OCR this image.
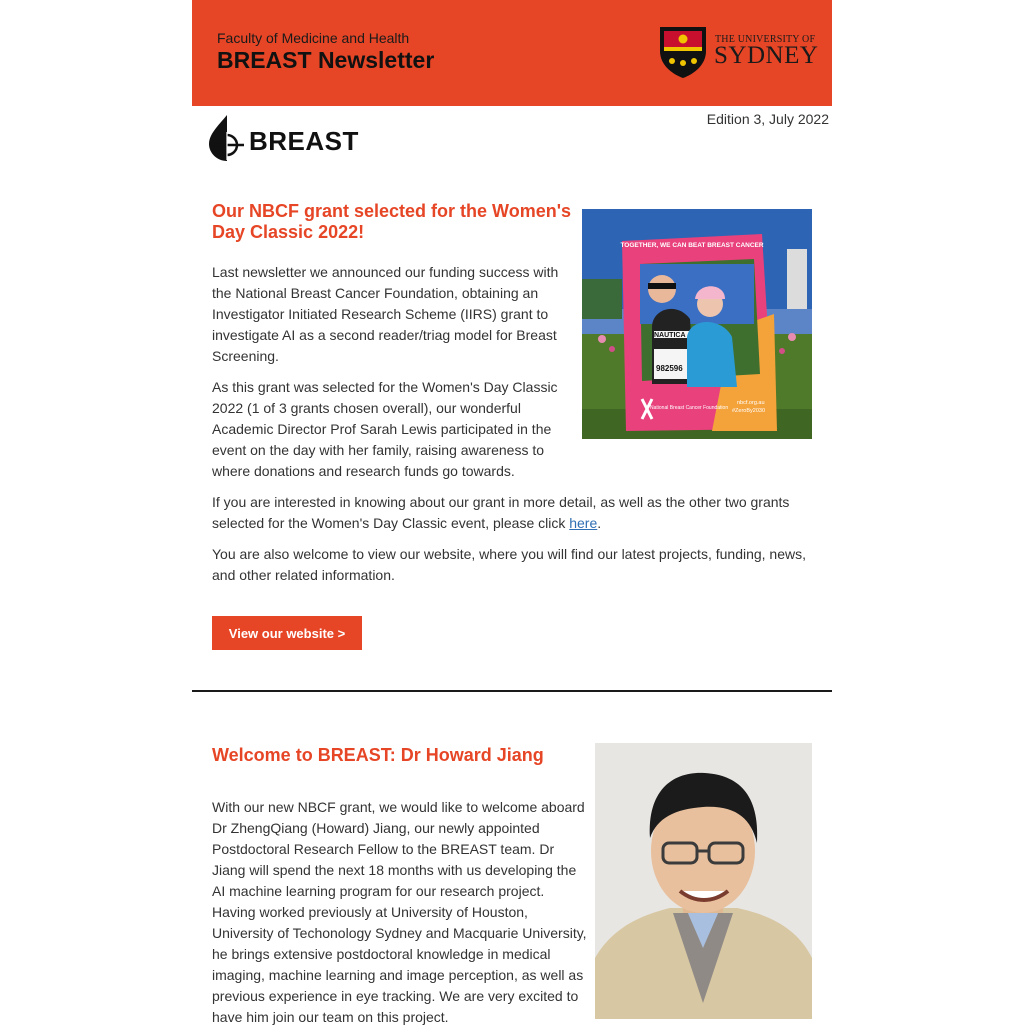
Faculty of Medicine and Health
BREAST Newsletter
THE UNIVERSITY OF
SYDNEY
Edition 3, July 2022
BREAST
Our NBCF grant selected for the Women's Day Classic 2022!
TOGETHER, WE CAN BEAT BREAST CANCER
NAUTICA
982596
National Breast Cancer Foundation
nbcf.org.au
#ZeroBy2030

Last newsletter we announced our funding success with the National Breast Cancer Foundation, obtaining an Investigator Initiated Research Scheme (IIRS) grant to investigate AI as a second reader/triag model for Breast Screening.

As this grant was selected for the Women's Day Classic 2022 (1 of 3 grants chosen overall), our wonderful Academic Director Prof Sarah Lewis participated in the event on the day with her family, raising awareness to where donations and research funds go towards.

If you are interested in knowing about our grant in more detail, as well as the other two grants selected for the Women's Day Classic event, please click here.

You are also welcome to view our website, where you will find our latest projects, funding, news, and other related information.

View our website >
Welcome to BREAST: Dr Howard Jiang

With our new NBCF grant, we would like to welcome aboard Dr ZhengQiang (Howard) Jiang, our newly appointed Postdoctoral Research Fellow to the BREAST team. Dr Jiang will spend the next 18 months with us developing the AI machine learning program for our research project. Having worked previously at University of Houston, University of Techonology Sydney and Macquarie University, he brings extensive postdoctoral knowledge in medical imaging, machine learning and image perception, as well as previous experience in eye tracking. We are very excited to have him join our team on this project.
